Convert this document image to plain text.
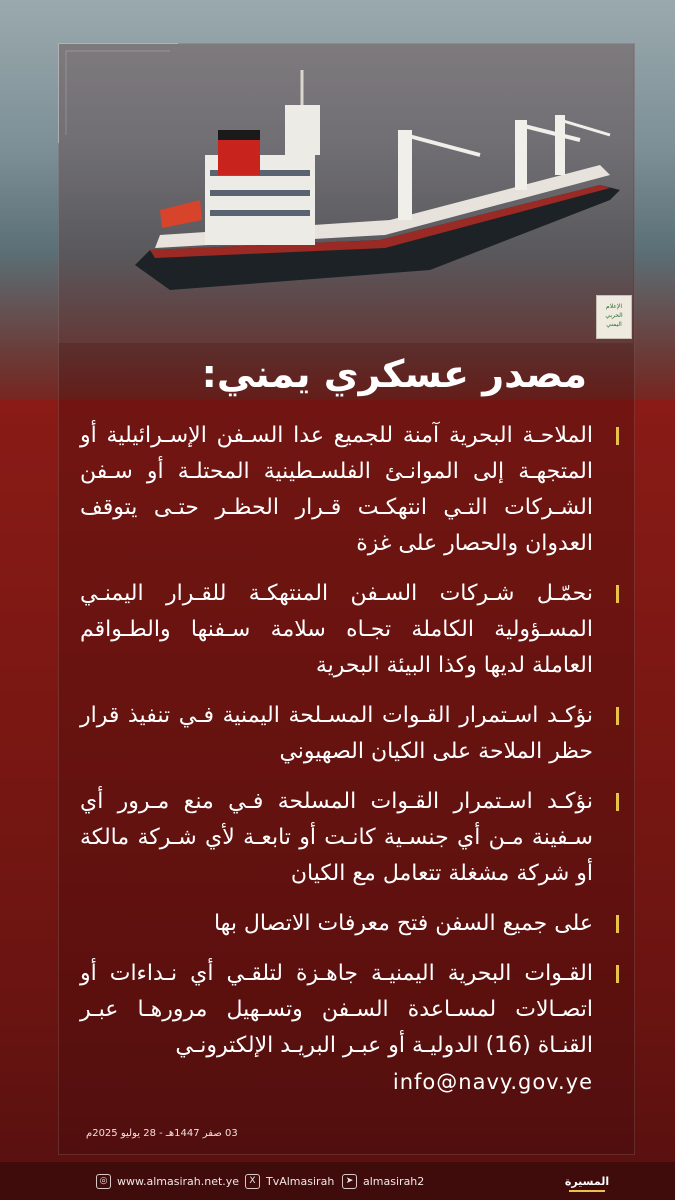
الإعلام الحربي اليمني
مصدر عسكري يمني:
الملاحـة البحرية آمنة للجميع عدا السـفن الإسـرائيلية أو المتجهـة إلى الموانـئ الفلسـطينية المحتلـة أو سـفن الشـركات التـي انتهكـت قـرار الحظـر حتـى يتوقف العدوان والحصار على غزة
نحمّـل شـركات السـفن المنتهكـة للقـرار اليمنـي المسـؤولية الكاملة تجـاه سلامة سـفنها والطـواقم العاملة لديها وكذا البيئة البحرية
نؤكـد اسـتمرار القـوات المسـلحة اليمنية فـي تنفيذ قرار حظر الملاحة على الكيان الصهيوني
نؤكـد اسـتمرار القـوات المسلحة فـي منع مـرور أي سـفينة مـن أي جنسـية كانـت أو تابعـة لأي شـركة مالكة أو شركة مشغلة تتعامل مع الكيان
على جميع السفن فتح معرفات الاتصال بها
القـوات البحرية اليمنيـة جاهـزة لتلقـي أي نـداءات أو اتصـالات لمسـاعدة السـفن وتسـهيل مرورهـا عبـر القنـاة (16) الدوليـة أو عبـر البريـد الإلكترونـي
info@navy.gov.ye
03 صفر 1447هـ - 28 يوليو 2025م
◎ www.almasirah.net.ye	X TvAlmasirah	➤ almasirah2	المسيرة
